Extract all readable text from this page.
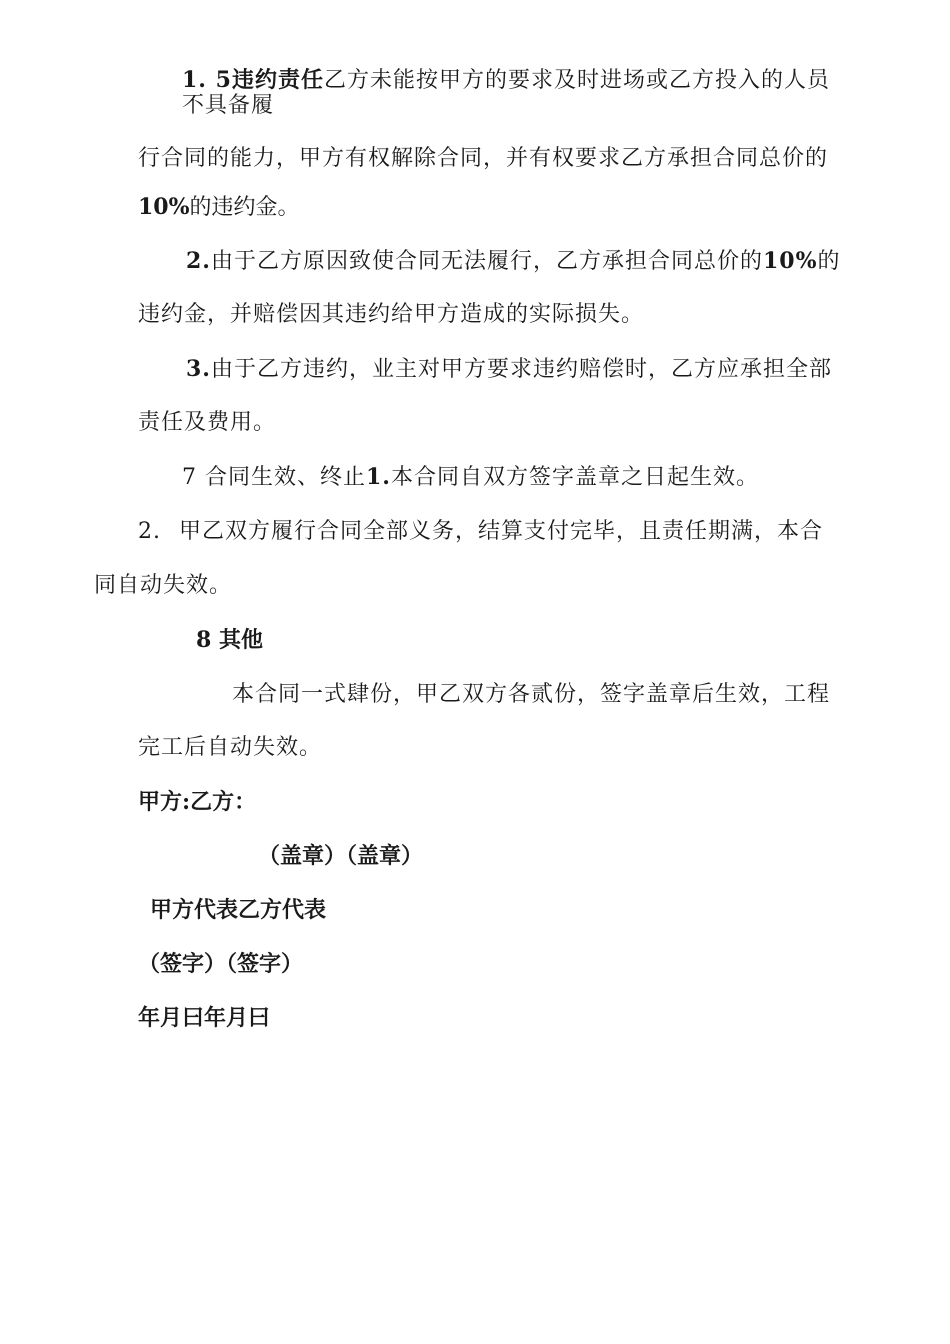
1. 5违约责任乙方未能按甲方的要求及时进场或乙方投入的人员
不具备履
行合同的能力，甲方有权解除合同，并有权要求乙方承担合同总价的
10%的违约金。
2.由于乙方原因致使合同无法履行，乙方承担合同总价的10%的
违约金，并赔偿因其违约给甲方造成的实际损失。
3.由于乙方违约，业主对甲方要求违约赔偿时，乙方应承担全部
责任及费用。
7 合同生效、终止1.本合同自双方签字盖章之日起生效。
2. 甲乙双方履行合同全部义务，结算支付完毕，且责任期满，本合
同自动失效。
8 其他
本合同一式肆份，甲乙双方各贰份，签字盖章后生效，工程
完工后自动失效。
甲方:乙方：
（盖章）（盖章）
甲方代表乙方代表
（签字）（签字）
年月曰年月曰
